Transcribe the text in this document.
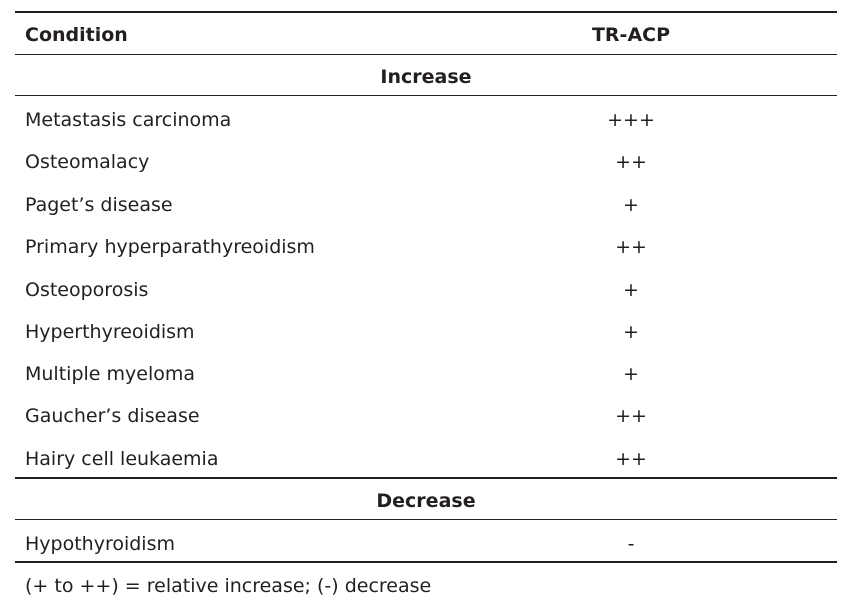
Condition	TR-ACP
Increase
Metastasis carcinoma	+++
Osteomalacy	++
Paget’s disease	+
Primary hyperparathyreoidism	++
Osteoporosis	+
Hyperthyreoidism	+
Multiple myeloma	+
Gaucher’s disease	++
Hairy cell leukaemia	++
Decrease
Hypothyroidism	-
(+ to ++) = relative increase; (-) decrease
